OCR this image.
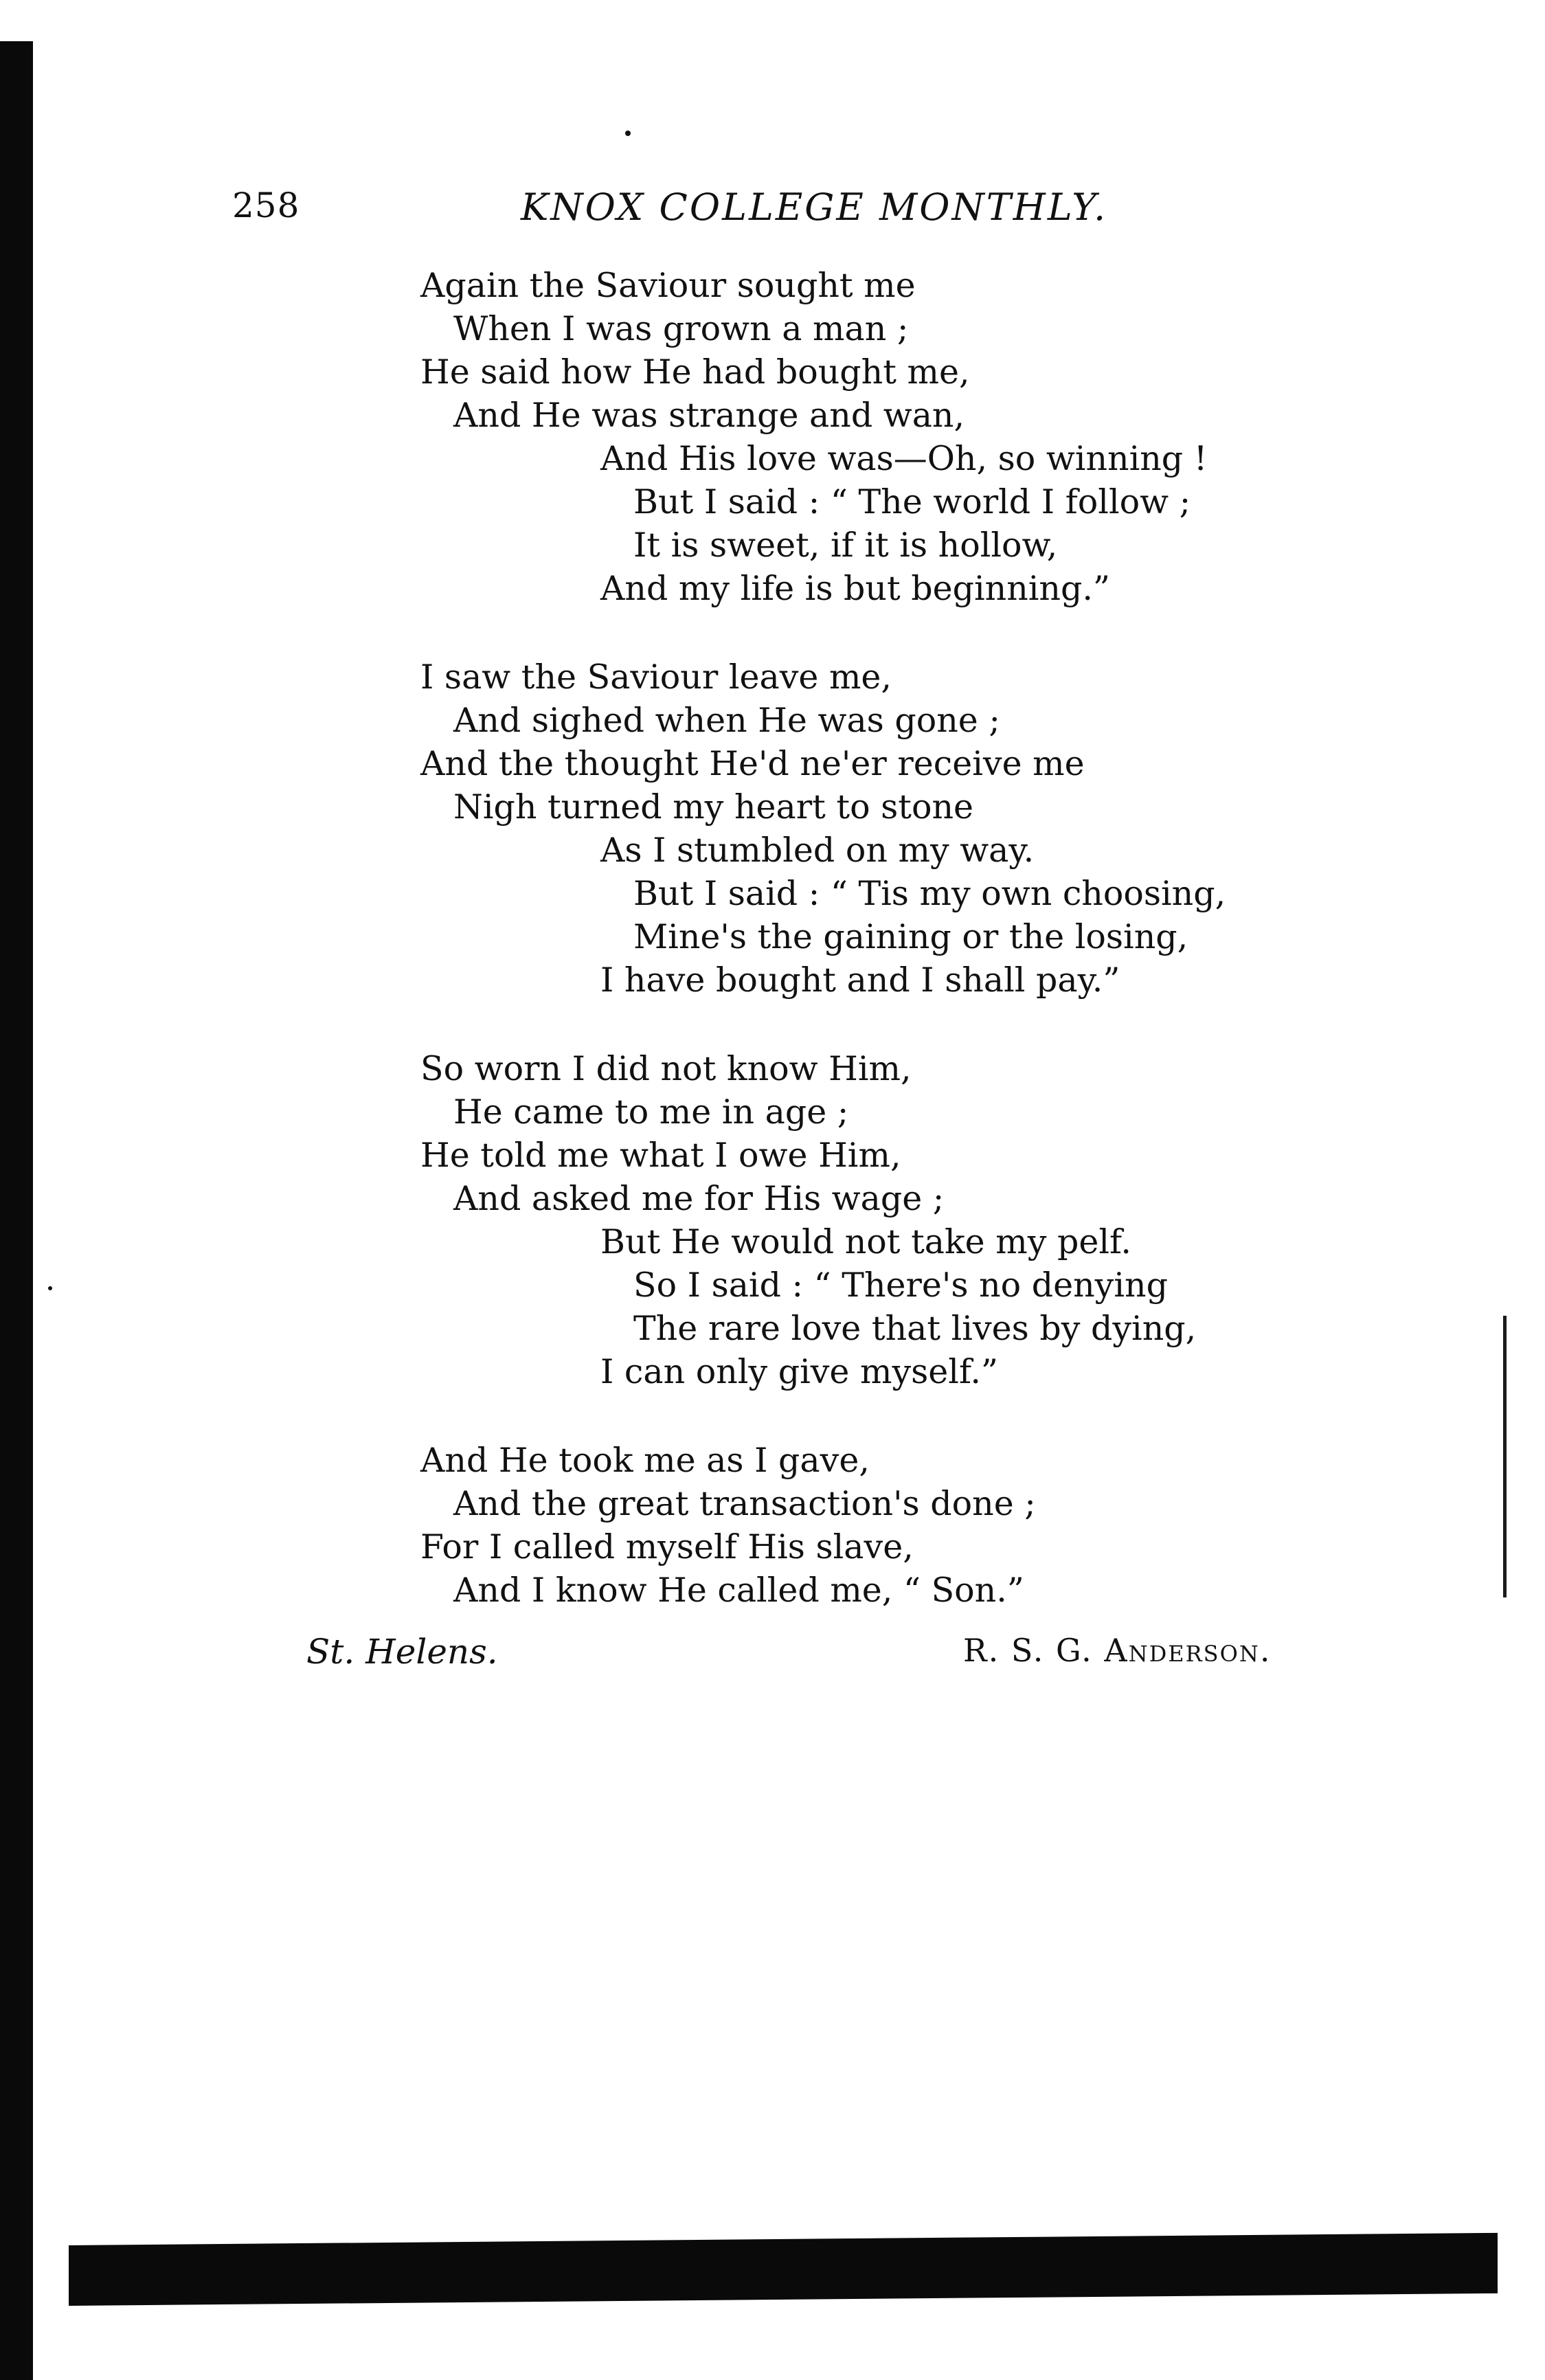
258	KNOX COLLEGE MONTHLY.
Again the Saviour sought me
When I was grown a man ;
He said how He had bought me,
And He was strange and wan,
And His love was—Oh, so winning !
But I said : “ The world I follow ;
It is sweet, if it is hollow,
And my life is but beginning.”
I saw the Saviour leave me,
And sighed when He was gone ;
And the thought He'd ne'er receive me
Nigh turned my heart to stone
As I stumbled on my way.
But I said : “ Tis my own choosing,
Mine's the gaining or the losing,
I have bought and I shall pay.”
So worn I did not know Him,
He came to me in age ;
He told me what I owe Him,
And asked me for His wage ;
But He would not take my pelf.
So I said : “ There's no denying
The rare love that lives by dying,
I can only give myself.”
And He took me as I gave,
And the great transaction's done ;
For I called myself His slave,
And I know He called me, “ Son.”
St. Helens.	R. S. G. Anderson.
